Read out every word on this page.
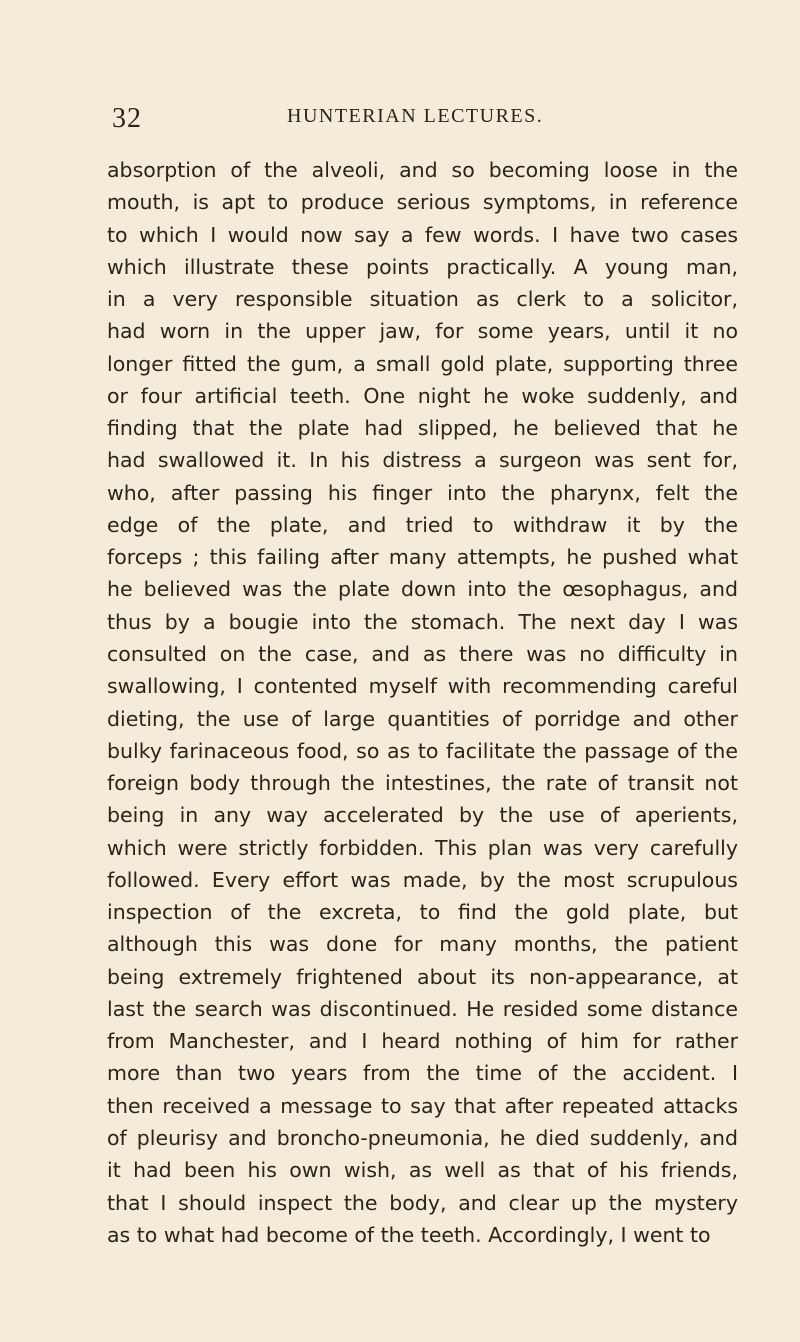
32	HUNTERIAN LECTURES.
absorption of the alveoli, and so becoming loose in the
mouth, is apt to produce serious symptoms, in reference
to which I would now say a few words. I have two cases
which illustrate these points practically. A young man,
in a very responsible situation as clerk to a solicitor,
had worn in the upper jaw, for some years, until it no
longer fitted the gum, a small gold plate, supporting three
or four artificial teeth. One night he woke suddenly, and
finding that the plate had slipped, he believed that he
had swallowed it. In his distress a surgeon was sent for,
who, after passing his finger into the pharynx, felt the
edge of the plate, and tried to withdraw it by the
forceps ; this failing after many attempts, he pushed what
he believed was the plate down into the œsophagus, and
thus by a bougie into the stomach. The next day I was
consulted on the case, and as there was no difficulty in
swallowing, I contented myself with recommending careful
dieting, the use of large quantities of porridge and other
bulky farinaceous food, so as to facilitate the passage of the
foreign body through the intestines, the rate of transit not
being in any way accelerated by the use of aperients,
which were strictly forbidden. This plan was very carefully
followed. Every effort was made, by the most scrupulous
inspection of the excreta, to find the gold plate, but
although this was done for many months, the patient
being extremely frightened about its non-appearance, at
last the search was discontinued. He resided some distance
from Manchester, and I heard nothing of him for rather
more than two years from the time of the accident. I
then received a message to say that after repeated attacks
of pleurisy and broncho-pneumonia, he died suddenly, and
it had been his own wish, as well as that of his friends,
that I should inspect the body, and clear up the mystery
as to what had become of the teeth. Accordingly, I went to
